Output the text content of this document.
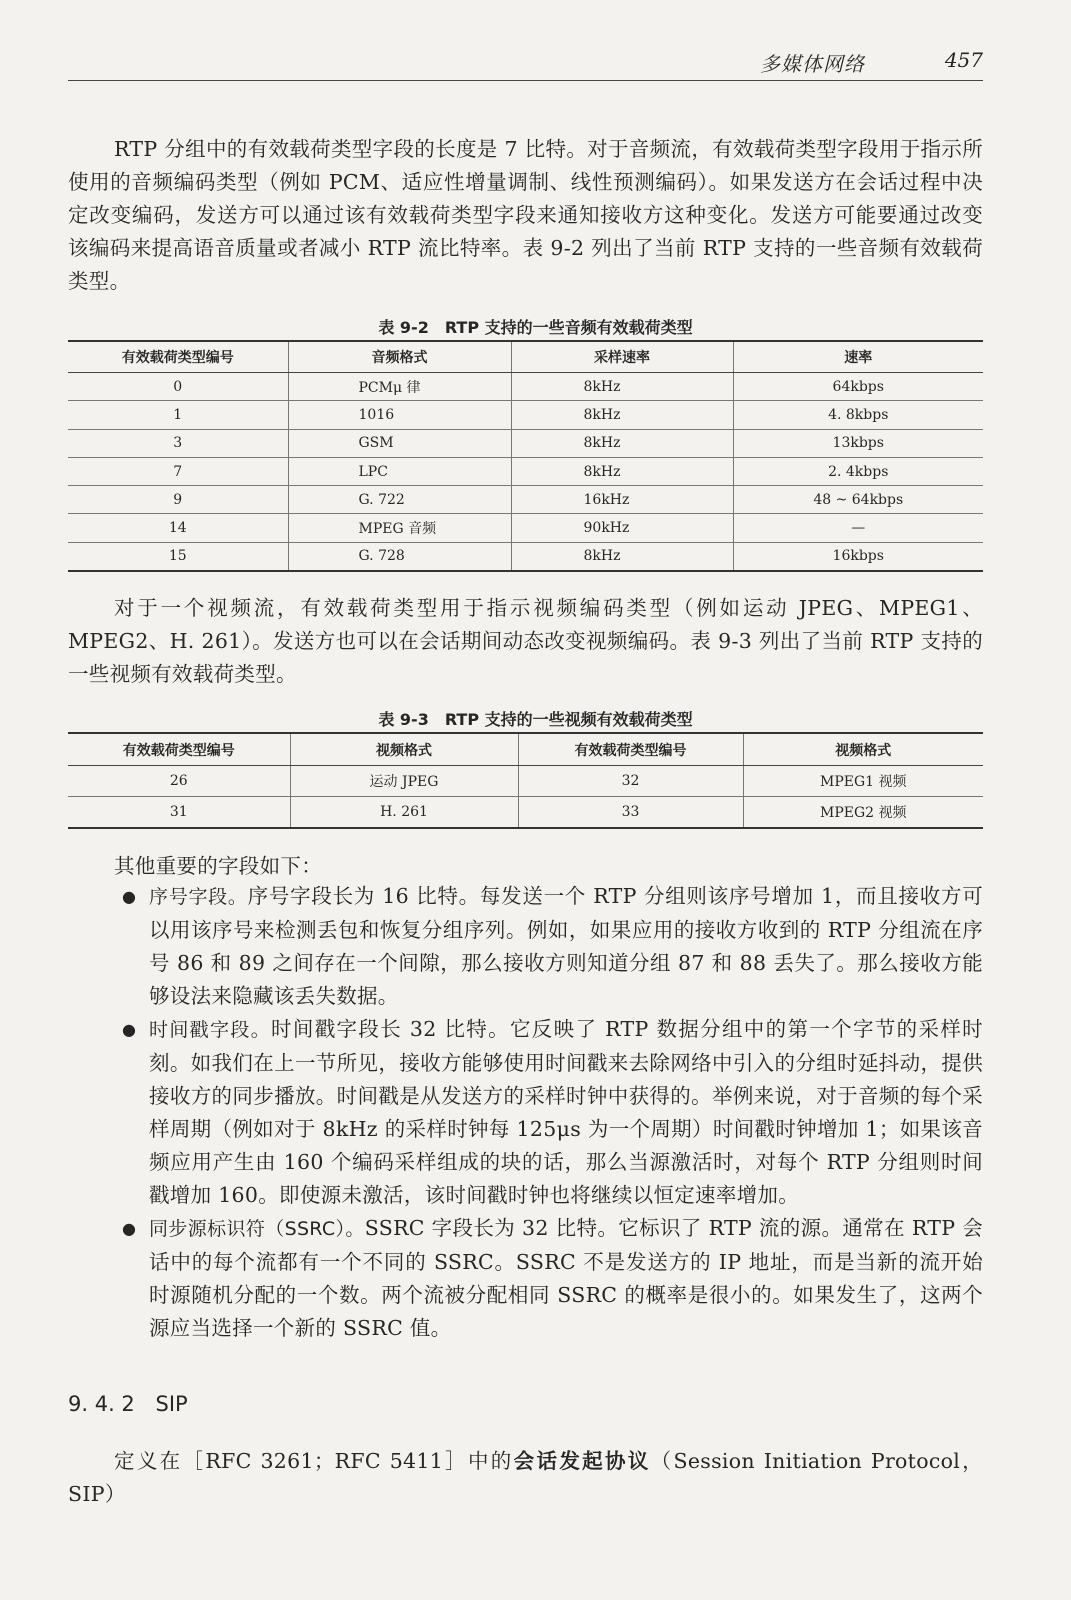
多媒体网络	457

RTP 分组中的有效载荷类型字段的长度是 7 比特。对于音频流，有效载荷类型字段用于指示所使用的音频编码类型（例如 PCM、适应性增量调制、线性预测编码）。如果发送方在会话过程中决定改变编码，发送方可以通过该有效载荷类型字段来通知接收方这种变化。发送方可能要通过改变该编码来提高语音质量或者减小 RTP 流比特率。表 9-2 列出了当前 RTP 支持的一些音频有效载荷类型。

表 9-2　RTP 支持的一些音频有效载荷类型
有效载荷类型编号	音频格式	采样速率	速率
0	PCMμ 律	8kHz	64kbps
1	1016	8kHz	4. 8kbps
3	GSM	8kHz	13kbps
7	LPC	8kHz	2. 4kbps
9	G. 722	16kHz	48 ~ 64kbps
14	MPEG 音频	90kHz	—
15	G. 728	8kHz	16kbps

对于一个视频流，有效载荷类型用于指示视频编码类型（例如运动 JPEG、MPEG1、MPEG2、H. 261）。发送方也可以在会话期间动态改变视频编码。表 9-3 列出了当前 RTP 支持的一些视频有效载荷类型。

表 9-3　RTP 支持的一些视频有效载荷类型
有效载荷类型编号	视频格式	有效载荷类型编号	视频格式
26	运动 JPEG	32	MPEG1 视频
31	H. 261	33	MPEG2 视频

其他重要的字段如下：

● 序号字段。序号字段长为 16 比特。每发送一个 RTP 分组则该序号增加 1，而且接收方可以用该序号来检测丢包和恢复分组序列。例如，如果应用的接收方收到的 RTP 分组流在序号 86 和 89 之间存在一个间隙，那么接收方则知道分组 87 和 88 丢失了。那么接收方能够设法来隐藏该丢失数据。

● 时间戳字段。时间戳字段长 32 比特。它反映了 RTP 数据分组中的第一个字节的采样时刻。如我们在上一节所见，接收方能够使用时间戳来去除网络中引入的分组时延抖动，提供接收方的同步播放。时间戳是从发送方的采样时钟中获得的。举例来说，对于音频的每个采样周期（例如对于 8kHz 的采样时钟每 125μs 为一个周期）时间戳时钟增加 1；如果该音频应用产生由 160 个编码采样组成的块的话，那么当源激活时，对每个 RTP 分组则时间戳增加 160。即使源未激活，该时间戳时钟也将继续以恒定速率增加。

● 同步源标识符（SSRC）。SSRC 字段长为 32 比特。它标识了 RTP 流的源。通常在 RTP 会话中的每个流都有一个不同的 SSRC。SSRC 不是发送方的 IP 地址，而是当新的流开始时源随机分配的一个数。两个流被分配相同 SSRC 的概率是很小的。如果发生了，这两个源应当选择一个新的 SSRC 值。

9. 4. 2 SIP

定义在［RFC 3261；RFC 5411］中的会话发起协议（Session Initiation Protocol，SIP）
